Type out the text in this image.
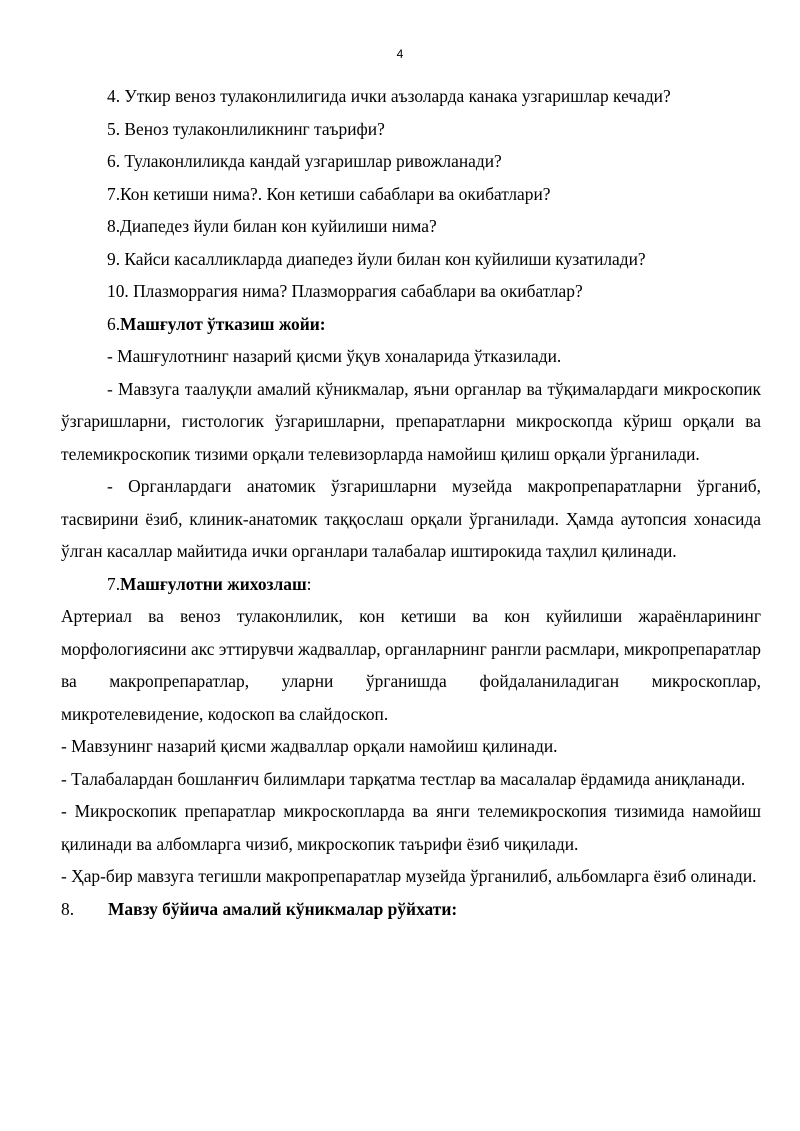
4

4. Уткир веноз тулаконлилигида ички аъзоларда канака узгаришлар кечади?

5. Веноз тулаконлиликнинг таърифи?

6. Тулаконлиликда кандай узгаришлар ривожланади?

7.Кон кетиши нима?. Кон кетиши сабаблари ва окибатлари?

8.Диапедез йули билан кон куйилиши нима?

9. Кайси касалликларда диапедез йули билан кон куйилиши кузатилади?

10. Плазморрагия нима? Плазморрагия сабаблари ва окибатлар?

6.Машғулот ўтказиш жойи:

- Машғулотнинг назарий қисми ўқув хоналарида ўтказилади.

- Мавзуга таалуқли амалий кўникмалар, яъни органлар ва тўқималардаги микроскопик ўзгаришларни, гистологик ўзгаришларни, препаратларни микроскопда кўриш орқали ва телемикроскопик тизими орқали телевизорларда намойиш қилиш орқали ўрганилади.

- Органлардаги анатомик ўзгаришларни музейда макропрепаратларни ўрганиб, тасвирини ёзиб, клиник-анатомик таққослаш орқали ўрганилади. Ҳамда аутопсия хонасида ўлган касаллар майитида ички органлари талабалар иштирокида таҳлил қилинади.

7.Машғулотни жихозлаш:

Артериал ва веноз тулаконлилик, кон кетиши ва кон куйилиши жараёнларининг морфологиясини акс эттирувчи жадваллар, органларнинг рангли расмлари, микропрепаратлар ва макропрепаратлар, уларни ўрганишда фойдаланиладиган микроскоплар, микротелевидение, кодоскоп ва слайдоскоп.

- Мавзунинг назарий қисми жадваллар орқали намойиш қилинади.

- Талабалардан бошланғич билимлари тарқатма тестлар ва масалалар ёрдамида аниқланади.

- Микроскопик препаратлар микроскопларда ва янги телемикроскопия тизимида намойиш қилинади ва албомларга чизиб, микроскопик таърифи ёзиб чиқилади.

- Ҳар-бир мавзуга тегишли макропрепаратлар музейда ўрганилиб, альбомларга ёзиб олинади.

8.	Мавзу бўйича амалий кўникмалар рўйхати:
